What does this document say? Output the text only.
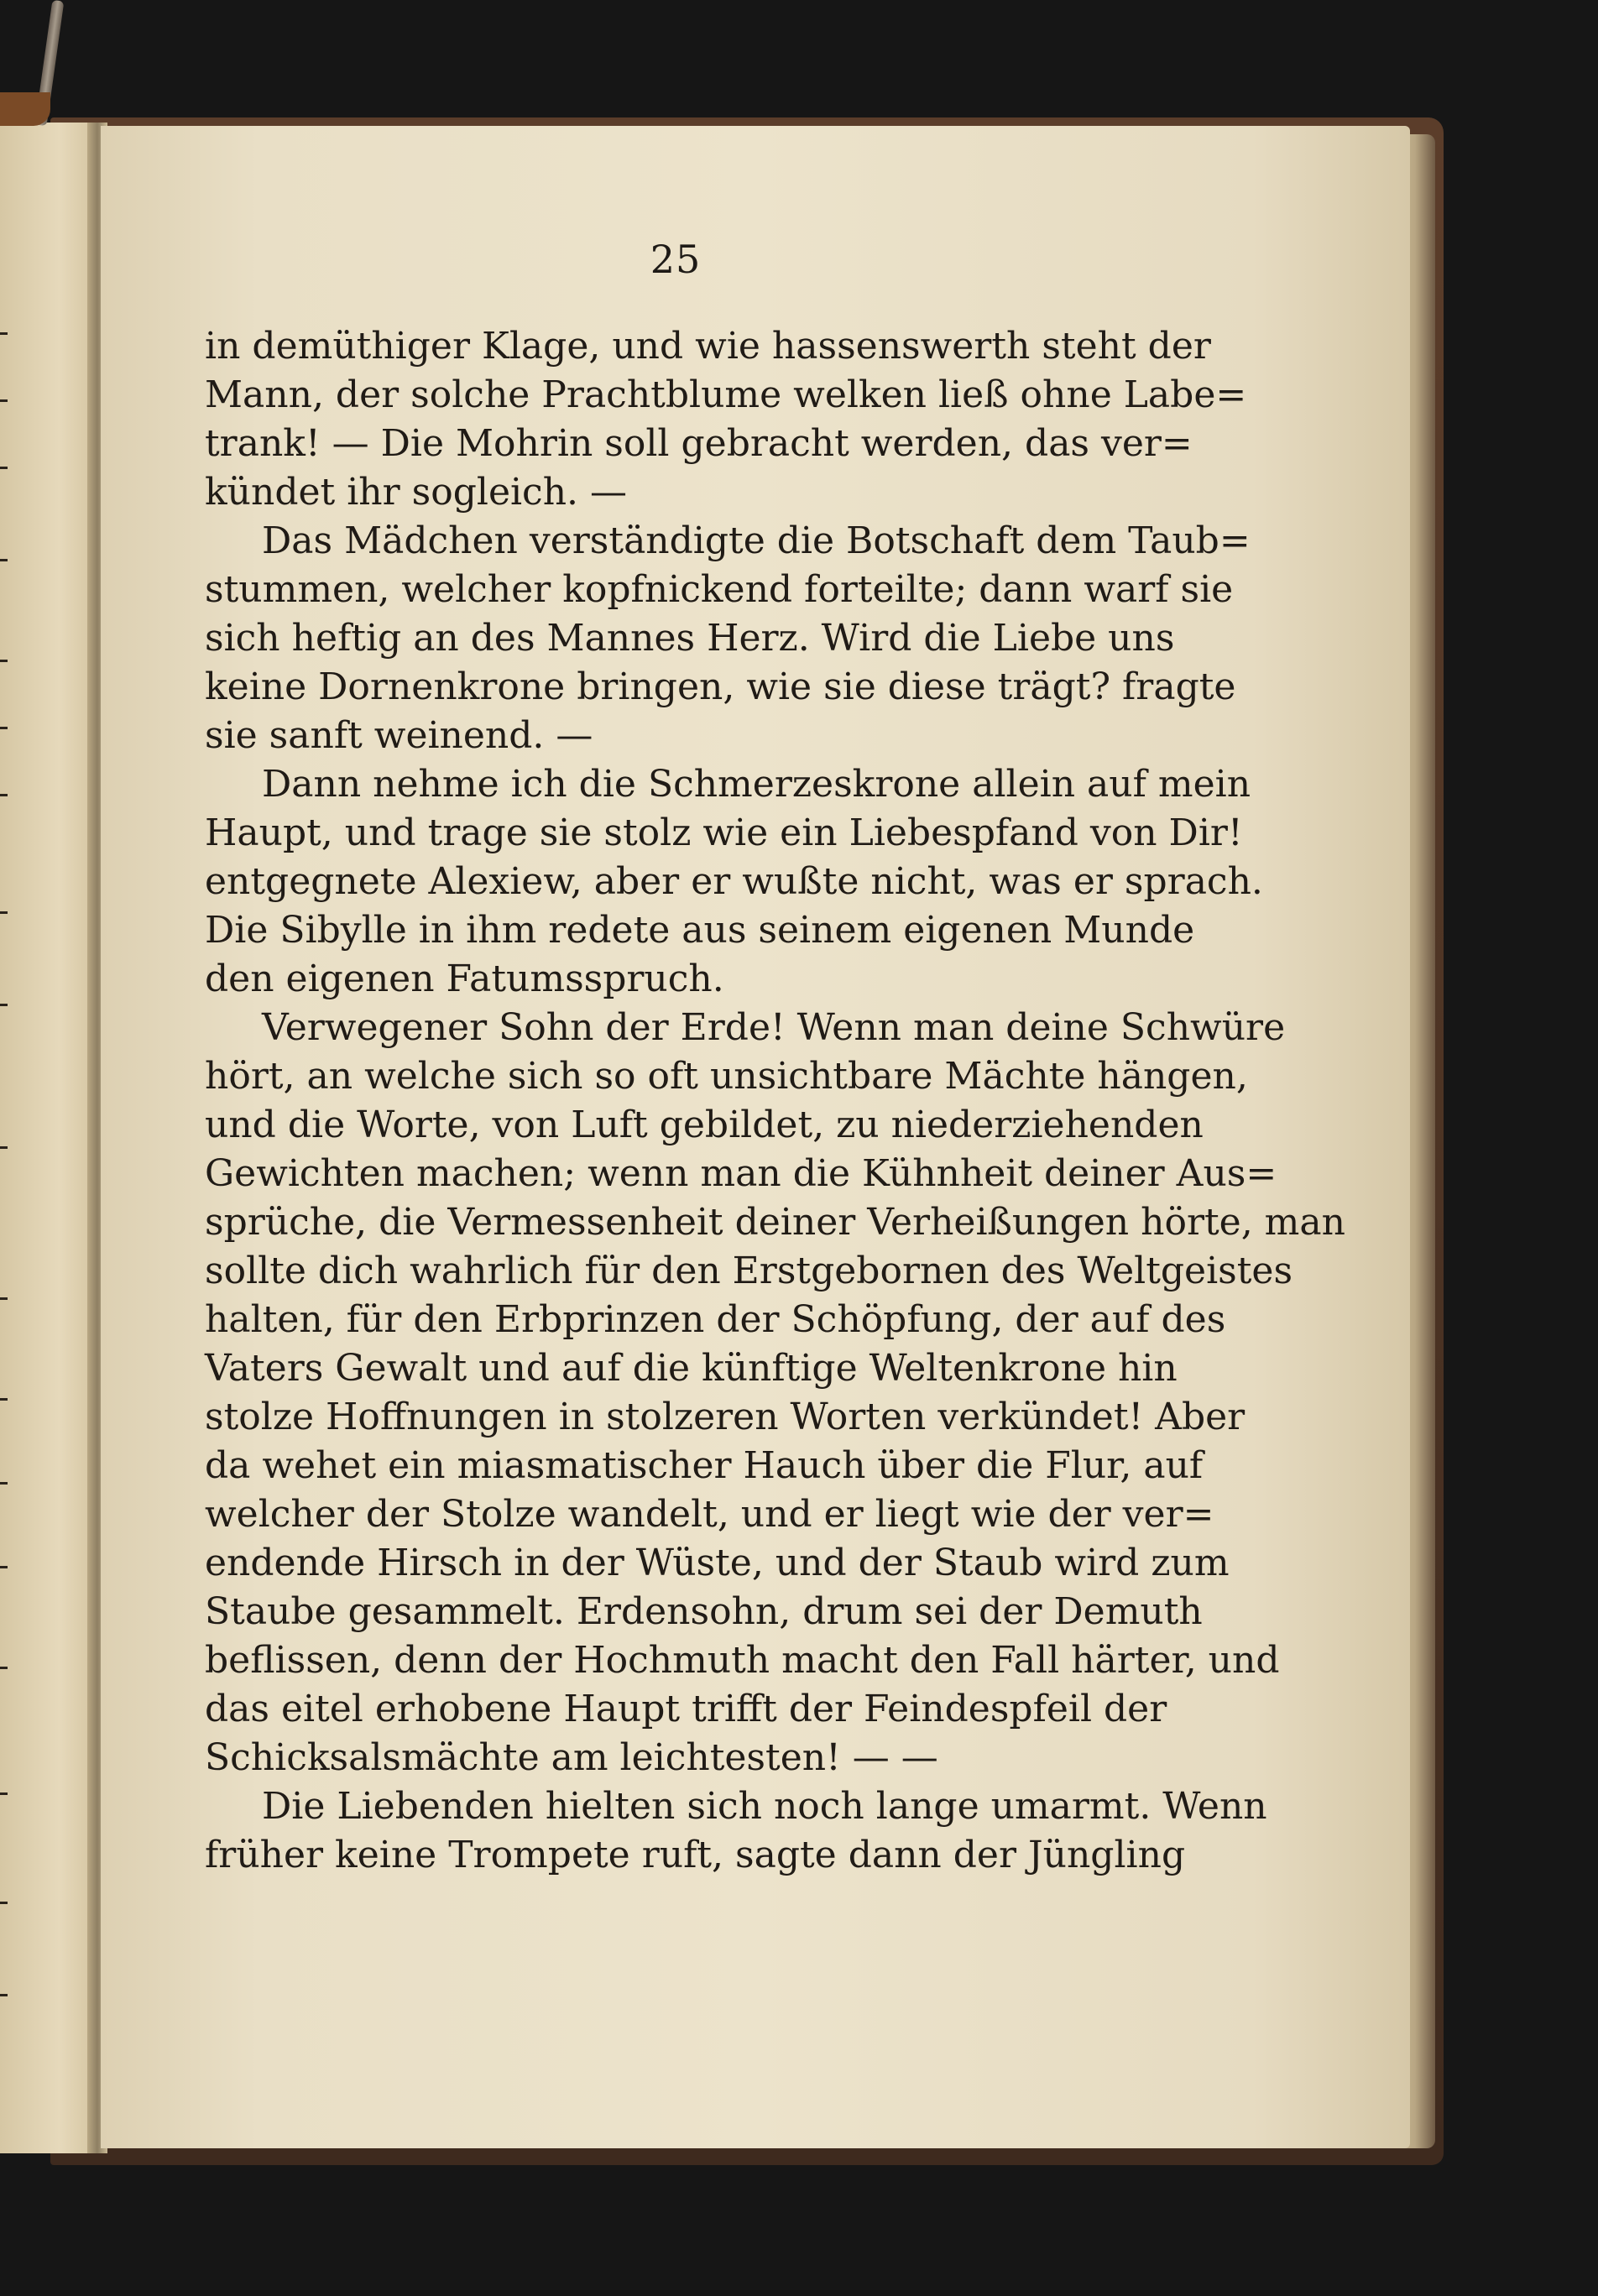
25
in demüthiger Klage, und wie hassenswerth steht der
Mann, der solche Prachtblume welken ließ ohne Labe=
trank! — Die Mohrin soll gebracht werden, das ver=
kündet ihr sogleich. —
Das Mädchen verständigte die Botschaft dem Taub=
stummen, welcher kopfnickend forteilte; dann warf sie
sich heftig an des Mannes Herz. Wird die Liebe uns
keine Dornenkrone bringen, wie sie diese trägt? fragte
sie sanft weinend. —
Dann nehme ich die Schmerzeskrone allein auf mein
Haupt, und trage sie stolz wie ein Liebespfand von Dir!
entgegnete Alexiew, aber er wußte nicht, was er sprach.
Die Sibylle in ihm redete aus seinem eigenen Munde
den eigenen Fatumsspruch.
Verwegener Sohn der Erde! Wenn man deine Schwüre
hört, an welche sich so oft unsichtbare Mächte hängen,
und die Worte, von Luft gebildet, zu niederziehenden
Gewichten machen; wenn man die Kühnheit deiner Aus=
sprüche, die Vermessenheit deiner Verheißungen hörte, man
sollte dich wahrlich für den Erstgebornen des Weltgeistes
halten, für den Erbprinzen der Schöpfung, der auf des
Vaters Gewalt und auf die künftige Weltenkrone hin
stolze Hoffnungen in stolzeren Worten verkündet! Aber
da wehet ein miasmatischer Hauch über die Flur, auf
welcher der Stolze wandelt, und er liegt wie der ver=
endende Hirsch in der Wüste, und der Staub wird zum
Staube gesammelt. Erdensohn, drum sei der Demuth
beflissen, denn der Hochmuth macht den Fall härter, und
das eitel erhobene Haupt trifft der Feindespfeil der
Schicksalsmächte am leichtesten! — —
Die Liebenden hielten sich noch lange umarmt. Wenn
früher keine Trompete ruft, sagte dann der Jüngling
